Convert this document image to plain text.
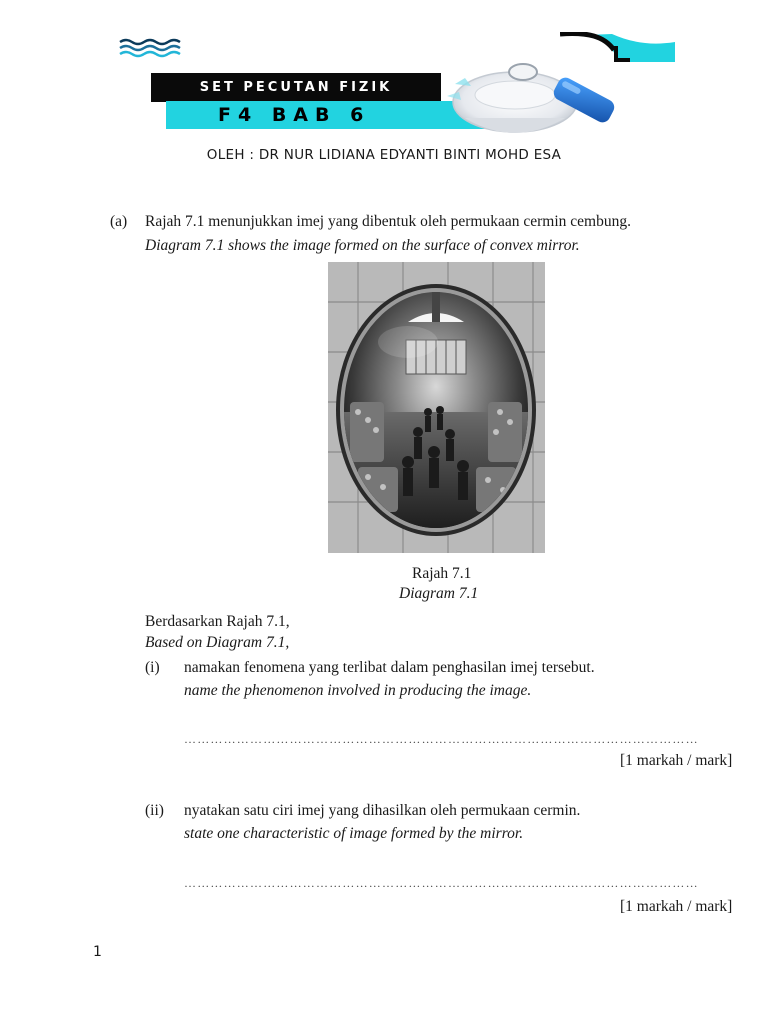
SET PECUTAN FIZIK
F4 BAB 6
OLEH : DR NUR LIDIANA EDYANTI BINTI MOHD ESA
(a) Rajah 7.1 menunjukkan imej yang dibentuk oleh permukaan cermin cembung.
Diagram 7.1 shows the image formed on the surface of convex mirror.
Rajah 7.1
Diagram 7.1
Berdasarkan Rajah 7.1,
Based on Diagram 7.1,
(i) namakan fenomena yang terlibat dalam penghasilan imej tersebut.
name the phenomenon involved in producing the image.
………………………………………………………………………………………………………
[1 markah / mark]
(ii) nyatakan satu ciri imej yang dihasilkan oleh permukaan cermin.
state one characteristic of image formed by the mirror.
………………………………………………………………………………………………………
[1 markah / mark]
1
